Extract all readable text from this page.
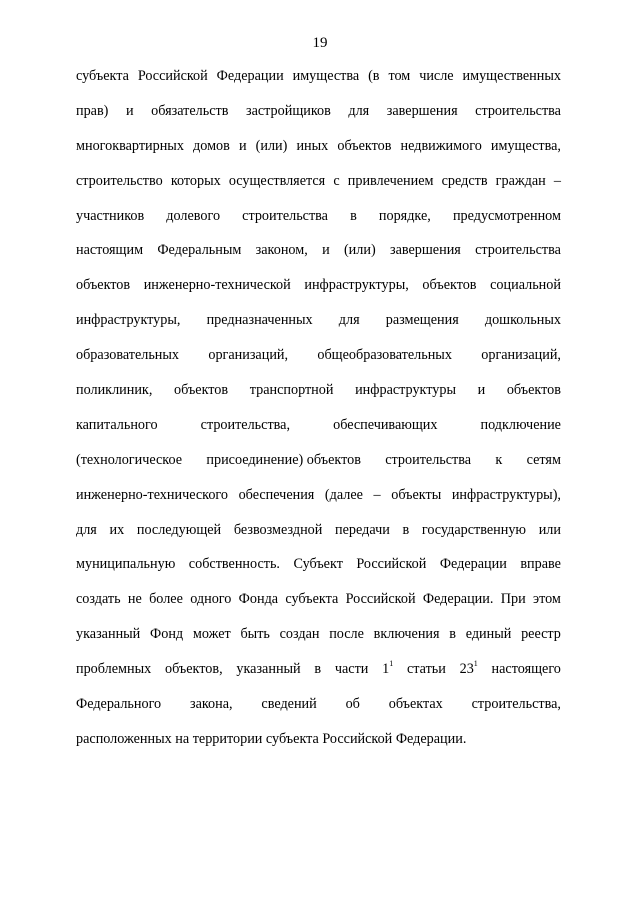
19
субъекта Российской Федерации имущества (в том числе имущественных
прав) и обязательств застройщиков для завершения строительства
многоквартирных домов и (или) иных объектов недвижимого имущества,
строительство которых осуществляется с привлечением средств граждан –
участников долевого строительства в порядке, предусмотренном
настоящим Федеральным законом, и (или) завершения строительства
объектов инженерно-технической инфраструктуры, объектов социальной
инфраструктуры, предназначенных для размещения дошкольных
образовательных организаций, общеобразовательных организаций,
поликлиник, объектов транспортной инфраструктуры и объектов
капитального	строительства,	обеспечивающих	подключение
(технологическое присоединение) объектов строительства к сетям
инженерно-технического обеспечения (далее – объекты инфраструктуры),
для их последующей безвозмездной передачи в государственную или
муниципальную собственность. Субъект Российской Федерации вправе
создать не более одного Фонда субъекта Российской Федерации. При этом
указанный Фонд может быть создан после включения в единый реестр
проблемных объектов, указанный в части $1^1$ статьи $23^1$ настоящего
Федерального закона, сведений об объектах строительства,
расположенных на территории субъекта Российской Федерации.
